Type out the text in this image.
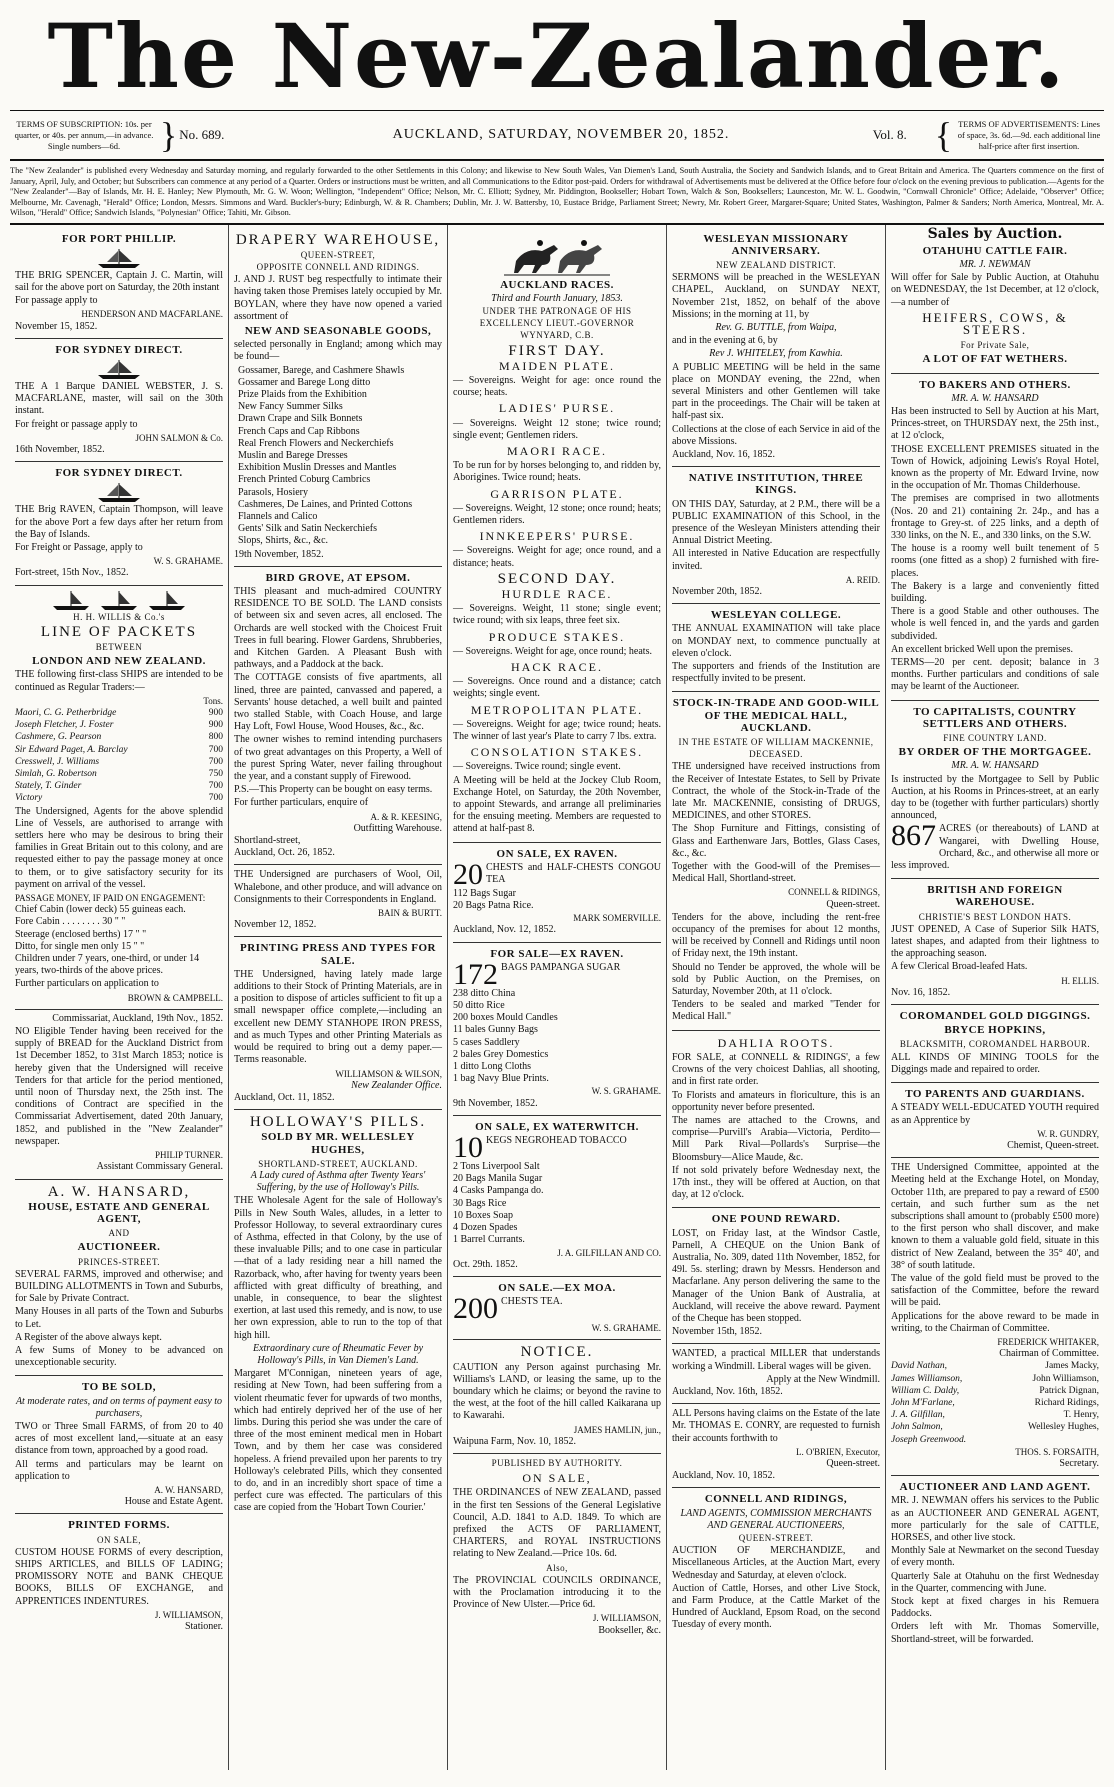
The New-Zealander.
TERMS OF SUBSCRIPTION: 10s. per quarter, or 40s. per annum,—in advance. Single numbers—6d.	} No. 689.	AUCKLAND, SATURDAY, NOVEMBER 20, 1852.	Vol. 8. { TERMS OF ADVERTISEMENTS: Lines of space, 3s. 6d.—9d. each additional line half-price after first insertion.
The "New Zealander" is published every Wednesday and Saturday morning, and regularly forwarded to the other Settlements in this Colony; and likewise to New South Wales, Van Diemen's Land, South Australia, the Society and Sandwich Islands, and to Great Britain and America. The Quarters commence on the first of January, April, July, and October; but Subscribers can commence at any period of a Quarter. Orders or instructions must be written, and all Communications to the Editor post-paid. Orders for withdrawal of Advertisements must be delivered at the Office before four o'clock on the evening previous to publication.—Agents for the "New Zealander"—Bay of Islands, Mr. H. E. Hanley; New Plymouth, Mr. G. W. Woon; Wellington, "Independent" Office; Nelson, Mr. C. Elliott; Sydney, Mr. Piddington, Bookseller; Hobart Town, Walch & Son, Booksellers; Launceston, Mr. W. L. Goodwin, "Cornwall Chronicle" Office; Adelaide, "Observer" Office; Melbourne, Mr. Cavenagh, "Herald" Office; London, Messrs. Simmons and Ward. Buckler's-bury; Edinburgh, W. & R. Chambers; Dublin, Mr. J. W. Battersby, 10, Eustace Bridge, Parliament Street; Newry, Mr. Robert Greer, Margaret-Square; United States, Washington, Palmer & Sanders; North America, Montreal, Mr. A. Wilson, "Herald" Office; Sandwich Islands, "Polynesian" Office; Tahiti, Mr. Gibson.
FOR PORT PHILLIP.
THE BRIG SPENCER, Captain J. C. Martin, will sail for the above port on Saturday, the 20th instant
For passage apply to
HENDERSON AND MACFARLANE.
November 15, 1852.
FOR SYDNEY DIRECT.
THE A 1 Barque DANIEL WEBSTER, J. S. MACFARLANE, master, will sail on the 30th instant.
For freight or passage apply to
JOHN SALMON & Co.
16th November, 1852.
FOR SYDNEY DIRECT.
THE Brig RAVEN, Captain Thompson, will leave for the above Port a few days after her return from the Bay of Islands.
For Freight or Passage, apply to
W. S. GRAHAME.
Fort-street, 15th Nov., 1852.
H. H. WILLIS & Co.'s
LINE OF PACKETS
BETWEEN
LONDON AND NEW ZEALAND.
THE following first-class SHIPS are intended to be continued as Regular Traders:—
Tons.
Maori, C. G. Petherbridge	900
Joseph Fletcher, J. Foster	900
Cashmere, G. Pearson	800
Sir Edward Paget, A. Barclay	700
Cresswell, J. Williams	700
Simlah, G. Robertson	750
Stately, T. Ginder	700
Victory	700
The Undersigned, Agents for the above splendid Line of Vessels, are authorised to arrange with settlers here who may be desirous to bring their families in Great Britain out to this colony, and are requested either to pay the passage money at once to them, or to give satisfactory security for its payment on arrival of the vessel.
PASSAGE MONEY, IF PAID ON ENGAGEMENT:
Chief Cabin (lower deck) 55 guineas each.
Fore Cabin . . . . . . . . 30 " "
Steerage (enclosed berths) 17 " "
Ditto, for single men only 15 " "
Children under 7 years, one-third, or under 14 years, two-thirds of the above prices.
Further particulars on application to
BROWN & CAMPBELL.
Commissariat, Auckland, 19th Nov., 1852.
NO Eligible Tender having been received for the supply of BREAD for the Auckland District from 1st December 1852, to 31st March 1853; notice is hereby given that the Undersigned will receive Tenders for that article for the period mentioned, until noon of Thursday next, the 25th inst. The conditions of Contract are specified in the Commissariat Advertisement, dated 20th January, 1852, and published in the "New Zealander" newspaper.
PHILIP TURNER.
Assistant Commissary General.
A. W. HANSARD,
HOUSE, ESTATE AND GENERAL AGENT,
AND
AUCTIONEER.
PRINCES-STREET.
SEVERAL FARMS, improved and otherwise; and BUILDING ALLOTMENTS in Town and Suburbs, for Sale by Private Contract.
Many Houses in all parts of the Town and Suburbs to Let.
A Register of the above always kept.
A few Sums of Money to be advanced on unexceptionable security.
TO BE SOLD,
At moderate rates, and on terms of payment easy to purchasers,
TWO or Three Small FARMS, of from 20 to 40 acres of most excellent land,—situate at an easy distance from town, approached by a good road.
All terms and particulars may be learnt on application to
A. W. HANSARD,
House and Estate Agent.
PRINTED FORMS.
ON SALE,
CUSTOM HOUSE FORMS of every description, SHIPS ARTICLES, and BILLS OF LADING; PROMISSORY NOTE and BANK CHEQUE BOOKS, BILLS OF EXCHANGE, and APPRENTICES INDENTURES.
J. WILLIAMSON,
Stationer.
DRAPERY WAREHOUSE,
QUEEN-STREET,
OPPOSITE CONNELL AND RIDINGS.
J. AND J. RUST beg respectfully to intimate their having taken those Premises lately occupied by Mr. BOYLAN, where they have now opened a varied assortment of
NEW AND SEASONABLE GOODS,
selected personally in England; among which may be found—
Gossamer, Barege, and Cashmere Shawls
Gossamer and Barege Long ditto
Prize Plaids from the Exhibition
New Fancy Summer Silks
Drawn Crape and Silk Bonnets
French Caps and Cap Ribbons
Real French Flowers and Neckerchiefs
Muslin and Barege Dresses
Exhibition Muslin Dresses and Mantles
French Printed Coburg Cambrics
Parasols, Hosiery
Cashmeres, De Laines, and Printed Cottons
Flannels and Calico
Gents' Silk and Satin Neckerchiefs
Slops, Shirts, &c., &c.
19th November, 1852.
BIRD GROVE, AT EPSOM.
THIS pleasant and much-admired COUNTRY RESIDENCE TO BE SOLD. The LAND consists of between six and seven acres, all enclosed. The Orchards are well stocked with the Choicest Fruit Trees in full bearing. Flower Gardens, Shrubberies, and Kitchen Garden. A Pleasant Bush with pathways, and a Paddock at the back.
The COTTAGE consists of five apartments, all lined, three are painted, canvassed and papered, a Servants' house detached, a well built and painted two stalled Stable, with Coach House, and large Hay Loft, Fowl House, Wood Houses, &c., &c.
The owner wishes to remind intending purchasers of two great advantages on this Property, a Well of the purest Spring Water, never failing throughout the year, and a constant supply of Firewood.
P.S.—This Property can be bought on easy terms.
For further particulars, enquire of
A. & R. KEESING,
Outfitting Warehouse.
Shortland-street,
Auckland, Oct. 26, 1852.
THE Undersigned are purchasers of Wool, Oil, Whalebone, and other produce, and will advance on Consignments to their Correspondents in England.
BAIN & BURTT.
November 12, 1852.
PRINTING PRESS AND TYPES FOR SALE.
THE Undersigned, having lately made large additions to their Stock of Printing Materials, are in a position to dispose of articles sufficient to fit up a small newspaper office complete,—including an excellent new DEMY STANHOPE IRON PRESS, and as much Types and other Printing Materials as would be required to bring out a demy paper.—Terms reasonable.
WILLIAMSON & WILSON,
New Zealander Office.
Auckland, Oct. 11, 1852.
HOLLOWAY'S PILLS.
SOLD BY MR. WELLESLEY HUGHES,
SHORTLAND-STREET, AUCKLAND.
A Lady cured of Asthma after Twenty Years' Suffering, by the use of Holloway's Pills.
THE Wholesale Agent for the sale of Holloway's Pills in New South Wales, alludes, in a letter to Professor Holloway, to several extraordinary cures of Asthma, effected in that Colony, by the use of these invaluable Pills; and to one case in particular—that of a lady residing near a hill named the Razorback, who, after having for twenty years been afflicted with great difficulty of breathing, and unable, in consequence, to bear the slightest exertion, at last used this remedy, and is now, to use her own expression, able to run to the top of that high hill.
Extraordinary cure of Rheumatic Fever by Holloway's Pills, in Van Diemen's Land.
Margaret M'Connigan, nineteen years of age, residing at New Town, had been suffering from a violent rheumatic fever for upwards of two months, which had entirely deprived her of the use of her limbs. During this period she was under the care of three of the most eminent medical men in Hobart Town, and by them her case was considered hopeless. A friend prevailed upon her parents to try Holloway's celebrated Pills, which they consented to do, and in an incredibly short space of time a perfect cure was effected. The particulars of this case are copied from the 'Hobart Town Courier.'
AUCKLAND RACES.
Third and Fourth January, 1853.
UNDER THE PATRONAGE OF HIS EXCELLENCY LIEUT.-GOVERNOR WYNYARD, C.B.
FIRST DAY.
MAIDEN PLATE.
— Sovereigns. Weight for age: once round the course; heats.
LADIES' PURSE.
— Sovereigns. Weight 12 stone; twice round; single event; Gentlemen riders.
MAORI RACE.
To be run for by horses belonging to, and ridden by, Aborigines. Twice round; heats.
GARRISON PLATE.
— Sovereigns. Weight, 12 stone; once round; heats; Gentlemen riders.
INNKEEPERS' PURSE.
— Sovereigns. Weight for age; once round, and a distance; heats.
SECOND DAY.
HURDLE RACE.
— Sovereigns. Weight, 11 stone; single event; twice round; with six leaps, three feet six.
PRODUCE STAKES.
— Sovereigns. Weight for age, once round; heats.
HACK RACE.
— Sovereigns. Once round and a distance; catch weights; single event.
METROPOLITAN PLATE.
— Sovereigns. Weight for age; twice round; heats. The winner of last year's Plate to carry 7 lbs. extra.
CONSOLATION STAKES.
— Sovereigns. Twice round; single event.
A Meeting will be held at the Jockey Club Room, Exchange Hotel, on Saturday, the 20th November, to appoint Stewards, and arrange all preliminaries for the ensuing meeting. Members are requested to attend at half-past 8.
ON SALE, EX RAVEN.
20 CHESTS and HALF-CHESTS CONGOU TEA
112 Bags Sugar
20 Bags Patna Rice.
MARK SOMERVILLE.
Auckland, Nov. 12, 1852.
FOR SALE—EX RAVEN.
172 BAGS PAMPANGA SUGAR
238 ditto China
50 ditto Rice
200 boxes Mould Candles
11 bales Gunny Bags
5 cases Saddlery
2 bales Grey Domestics
1 ditto Long Cloths
1 bag Navy Blue Prints.
W. S. GRAHAME.
9th November, 1852.
ON SALE, EX WATERWITCH.
10 KEGS NEGROHEAD TOBACCO
2 Tons Liverpool Salt
20 Bags Manila Sugar
4 Casks Pampanga do.
30 Bags Rice
10 Boxes Soap
4 Dozen Spades
1 Barrel Currants.
J. A. GILFILLAN AND CO.
Oct. 29th. 1852.
ON SALE.—EX MOA.
200 CHESTS TEA.
W. S. GRAHAME.
NOTICE.
CAUTION any Person against purchasing Mr. Williams's LAND, or leasing the same, up to the boundary which he claims; or beyond the ravine to the west, at the foot of the hill called Kaikarana up to Kawarahi.
JAMES HAMLIN, jun.,
Waipuna Farm, Nov. 10, 1852.
PUBLISHED BY AUTHORITY.
ON SALE,
THE ORDINANCES of NEW ZEALAND, passed in the first ten Sessions of the General Legislative Council, A.D. 1841 to A.D. 1849. To which are prefixed the ACTS OF PARLIAMENT, CHARTERS, and ROYAL INSTRUCTIONS relating to New Zealand.—Price 10s. 6d.
Also,
The PROVINCIAL COUNCILS ORDINANCE, with the Proclamation introducing it to the Province of New Ulster.—Price 6d.
J. WILLIAMSON,
Bookseller, &c.
WESLEYAN MISSIONARY ANNIVERSARY.
NEW ZEALAND DISTRICT.
SERMONS will be preached in the WESLEYAN CHAPEL, Auckland, on SUNDAY NEXT, November 21st, 1852, on behalf of the above Missions; in the morning at 11, by
Rev. G. BUTTLE, from Waipa,
and in the evening at 6, by
Rev J. WHITELEY, from Kawhia.
A PUBLIC MEETING will be held in the same place on MONDAY evening, the 22nd, when several Ministers and other Gentlemen will take part in the proceedings. The Chair will be taken at half-past six.
Collections at the close of each Service in aid of the above Missions.
Auckland, Nov. 16, 1852.
NATIVE INSTITUTION, THREE KINGS.
ON THIS DAY, Saturday, at 2 P.M., there will be a PUBLIC EXAMINATION of this School, in the presence of the Wesleyan Ministers attending their Annual District Meeting.
All interested in Native Education are respectfully invited.
A. REID.
November 20th, 1852.
WESLEYAN COLLEGE.
THE ANNUAL EXAMINATION will take place on MONDAY next, to commence punctually at eleven o'clock.
The supporters and friends of the Institution are respectfully invited to be present.
STOCK-IN-TRADE AND GOOD-WILL OF THE MEDICAL HALL, AUCKLAND.
IN THE ESTATE OF WILLIAM MACKENNIE, DECEASED.
THE undersigned have received instructions from the Receiver of Intestate Estates, to Sell by Private Contract, the whole of the Stock-in-Trade of the late Mr. MACKENNIE, consisting of DRUGS, MEDICINES, and other STORES.
The Shop Furniture and Fittings, consisting of Glass and Earthenware Jars, Bottles, Glass Cases, &c., &c.
Together with the Good-will of the Premises—Medical Hall, Shortland-street.
CONNELL & RIDINGS,
Queen-street.
Tenders for the above, including the rent-free occupancy of the premises for about 12 months, will be received by Connell and Ridings until noon of Friday next, the 19th instant.
Should no Tender be approved, the whole will be sold by Public Auction, on the Premises, on Saturday, November 20th, at 11 o'clock.
Tenders to be sealed and marked "Tender for Medical Hall."
DAHLIA ROOTS.
FOR SALE, at CONNELL & RIDINGS', a few Crowns of the very choicest Dahlias, all shooting, and in first rate order.
To Florists and amateurs in floriculture, this is an opportunity never before presented.
The names are attached to the Crowns, and comprise—Purvill's Arabia—Victoria, Perdito—Mill Park Rival—Pollards's Surprise—the Bloomsbury—Alice Maude, &c.
If not sold privately before Wednesday next, the 17th inst., they will be offered at Auction, on that day, at 12 o'clock.
ONE POUND REWARD.
LOST, on Friday last, at the Windsor Castle, Parnell, A CHEQUE on the Union Bank of Australia, No. 309, dated 11th November, 1852, for 49l. 5s. sterling; drawn by Messrs. Henderson and Macfarlane. Any person delivering the same to the Manager of the Union Bank of Australia, at Auckland, will receive the above reward. Payment of the Cheque has been stopped.
November 15th, 1852.
WANTED, a practical MILLER that understands working a Windmill. Liberal wages will be given.
Apply at the New Windmill.
Auckland, Nov. 16th, 1852.
ALL Persons having claims on the Estate of the late Mr. THOMAS E. CONRY, are requested to furnish their accounts forthwith to
L. O'BRIEN, Executor,
Queen-street.
Auckland, Nov. 10, 1852.
CONNELL AND RIDINGS,
LAND AGENTS, COMMISSION MERCHANTS AND GENERAL AUCTIONEERS,
QUEEN-STREET.
AUCTION OF MERCHANDIZE, and Miscellaneous Articles, at the Auction Mart, every Wednesday and Saturday, at eleven o'clock.
Auction of Cattle, Horses, and other Live Stock, and Farm Produce, at the Cattle Market of the Hundred of Auckland, Epsom Road, on the second Tuesday of every month.
Sales by Auction.
OTAHUHU CATTLE FAIR.
MR. J. NEWMAN
Will offer for Sale by Public Auction, at Otahuhu on WEDNESDAY, the 1st December, at 12 o'clock,—a number of
HEIFERS, COWS, & STEERS.
For Private Sale,
A LOT OF FAT WETHERS.
TO BAKERS AND OTHERS.
MR. A. W. HANSARD
Has been instructed to Sell by Auction at his Mart, Princes-street, on THURSDAY next, the 25th inst., at 12 o'clock,
THOSE EXCELLENT PREMISES situated in the Town of Howick, adjoining Lewis's Royal Hotel, known as the property of Mr. Edward Irvine, now in the occupation of Mr. Thomas Childerhouse.
The premises are comprised in two allotments (Nos. 20 and 21) containing 2r. 24p., and has a frontage to Grey-st. of 225 links, and a depth of 330 links, on the N. E., and 330 links, on the S.W.
The house is a roomy well built tenement of 5 rooms (one fitted as a shop) 2 furnished with fire-places.
The Bakery is a large and conveniently fitted building.
There is a good Stable and other outhouses. The whole is well fenced in, and the yards and garden subdivided.
An excellent bricked Well upon the premises.
TERMS—20 per cent. deposit; balance in 3 months. Further particulars and conditions of sale may be learnt of the Auctioneer.
TO CAPITALISTS, COUNTRY SETTLERS AND OTHERS.
FINE COUNTRY LAND.
BY ORDER OF THE MORTGAGEE.
MR. A. W. HANSARD
Is instructed by the Mortgagee to Sell by Public Auction, at his Rooms in Princes-street, at an early day to be (together with further particulars) shortly announced,
867 ACRES (or thereabouts) of LAND at Wangarei, with Dwelling House, Orchard, &c., and otherwise all more or less improved.
BRITISH AND FOREIGN WAREHOUSE.
CHRISTIE'S BEST LONDON HATS.
JUST OPENED, A Case of Superior Silk HATS, latest shapes, and adapted from their lightness to the approaching season.
A few Clerical Broad-leafed Hats.
H. ELLIS.
Nov. 16, 1852.
COROMANDEL GOLD DIGGINGS.
BRYCE HOPKINS,
BLACKSMITH, COROMANDEL HARBOUR.
ALL KINDS OF MINING TOOLS for the Diggings made and repaired to order.
TO PARENTS AND GUARDIANS.
A STEADY WELL-EDUCATED YOUTH required as an Apprentice by
W. R. GUNDRY,
Chemist, Queen-street.
THE Undersigned Committee, appointed at the Meeting held at the Exchange Hotel, on Monday, October 11th, are prepared to pay a reward of £500 certain, and such further sum as the net subscriptions shall amount to (probably £500 more) to the first person who shall discover, and make known to them a valuable gold field, situate in this district of New Zealand, between the 35° 40', and 38° of south latitude.
The value of the gold field must be proved to the satisfaction of the Committee, before the reward will be paid.
Applications for the above reward to be made in writing, to the Chairman of Committee.
FREDERICK WHITAKER,
Chairman of Committee.
David Nathan,	James Macky,
James Williamson,	John Williamson,
William C. Daldy,	Patrick Dignan,
John M'Farlane,	Richard Ridings,
J. A. Gilfillan,	T. Henry,
John Salmon,	Wellesley Hughes,
Joseph Greenwood.
THOS. S. FORSAITH,
Secretary.
AUCTIONEER AND LAND AGENT.
MR. J. NEWMAN offers his services to the Public as an AUCTIONEER AND GENERAL AGENT, more particularly for the sale of CATTLE, HORSES, and other live stock.
Monthly Sale at Newmarket on the second Tuesday of every month.
Quarterly Sale at Otahuhu on the first Wednesday in the Quarter, commencing with June.
Stock kept at fixed charges in his Remuera Paddocks.
Orders left with Mr. Thomas Somerville, Shortland-street, will be forwarded.
